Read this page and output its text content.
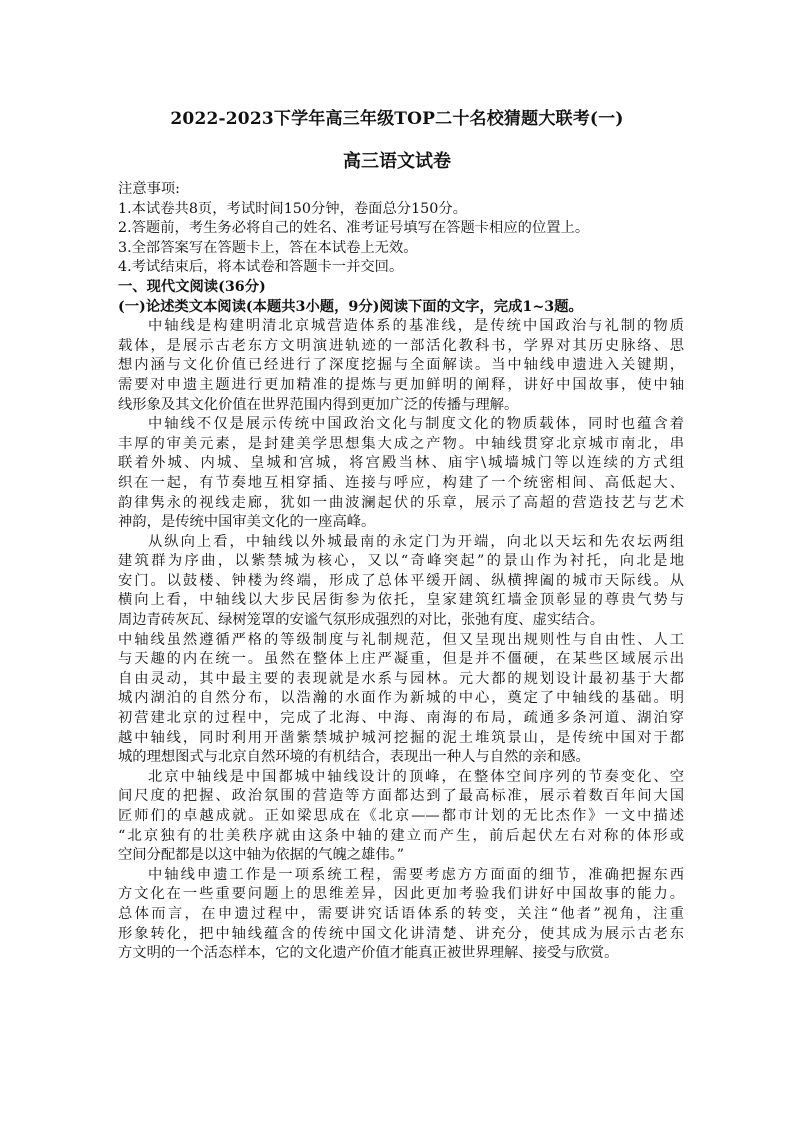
2022-2023下学年高三年级TOP二十名校猜题大联考(一)
高三语文试卷

注意事项:

1.本试卷共8页，考试时间150分钟，卷面总分150分。

2.答题前，考生务必将自己的姓名、准考证号填写在答题卡相应的位置上。

3.全部答案写在答题卡上，答在本试卷上无效。

4.考试结束后，将本试卷和答题卡一并交回。

一、现代文阅读(36分)

(一)论述类文本阅读(本题共3小题，9分)阅读下面的文字，完成1~3题。

中轴线是构建明清北京城营造体系的基准线，是传统中国政治与礼制的物质

载体，是展示古老东方文明演进轨迹的一部活化教科书，学界对其历史脉络、思

想内涵与文化价值已经进行了深度挖掘与全面解读。当中轴线申遗进入关键期，

需要对申遗主题进行更加精准的提炼与更加鲜明的阐释，讲好中国故事，使中轴

线形象及其文化价值在世界范围内得到更加广泛的传播与理解。

中轴线不仅是展示传统中国政治文化与制度文化的物质载体，同时也蕴含着

丰厚的审美元素，是封建美学思想集大成之产物。中轴线贯穿北京城市南北，串

联着外城、内城、皇城和宫城，将宫殿当林、庙宇\城墙城门等以连续的方式组

织在一起，有节奏地互相穿插、连接与呼应，构建了一个统密相间、高低起大、

韵律隽永的视线走廊，犹如一曲波澜起伏的乐章，展示了高超的营造技艺与艺术

神韵，是传统中国审美文化的一座高峰。

从纵向上看，中轴线以外城最南的永定门为开端，向北以天坛和先农坛两组

建筑群为序曲，以紫禁城为核心，又以“奇峰突起”的景山作为衬托，向北是地

安门。以鼓楼、钟楼为终端，形成了总体平缓开阔、纵横捭阖的城市天际线。从

横向上看，中轴线以大步民居街参为依托，皇家建筑红墙金顶彰显的尊贵气势与

周边青砖灰瓦、绿树笼罩的安谧气氛形成强烈的对比，张弛有度、虚实结合。

中轴线虽然遵循严格的等级制度与礼制规范，但又呈现出规则性与自由性、人工

与天趣的内在统一。虽然在整体上庄严凝重，但是并不僵硬，在某些区域展示出

自由灵动，其中最主要的表现就是水系与园林。元大都的规划设计最初基于大都

城内湖泊的自然分布，以浩瀚的水面作为新城的中心，奠定了中轴线的基础。明

初营建北京的过程中，完成了北海、中海、南海的布局，疏通多条河道、湖泊穿

越中轴线，同时利用开凿紫禁城护城河挖掘的泥土堆筑景山，是传统中国对于都

城的理想图式与北京自然环境的有机结合，表现出一种人与自然的亲和感。

北京中轴线是中国都城中轴线设计的顶峰，在整体空间序列的节奏变化、空

间尺度的把握、政治氛围的营造等方面都达到了最高标准，展示着数百年间大国

匠师们的卓越成就。正如梁思成在《北京——都市计划的无比杰作》一文中描述

“北京独有的壮美秩序就由这条中轴的建立而产生，前后起伏左右对称的体形或

空间分配都是以这中轴为依据的气魄之雄伟。”

中轴线申遗工作是一项系统工程，需要考虑方方面面的细节，准确把握东西

方文化在一些重要问题上的思维差异，因此更加考验我们讲好中国故事的能力。

总体而言，在申遗过程中，需要讲究话语体系的转变，关注“他者”视角，注重

形象转化，把中轴线蕴含的传统中国文化讲清楚、讲充分，使其成为展示古老东

方文明的一个活态样本，它的文化遗产价值才能真正被世界理解、接受与欣赏。
